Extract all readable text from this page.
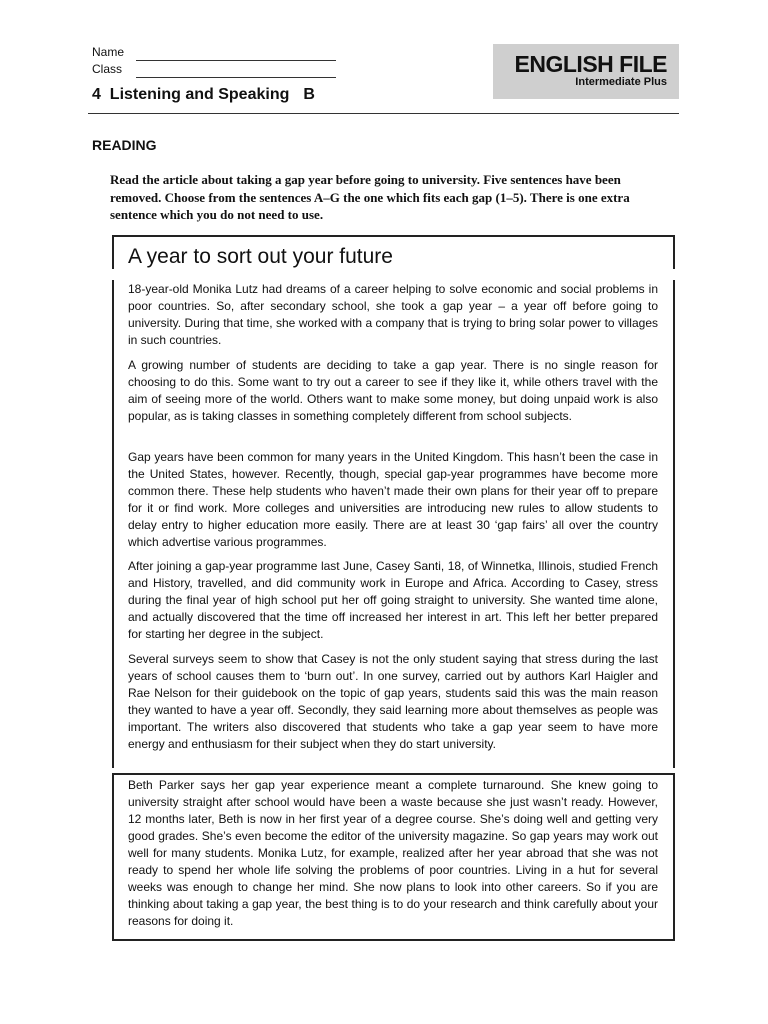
Name
Class
4  Listening and Speaking B
ENGLISH FILE
Intermediate Plus
READING
Read the article about taking a gap year before going to university. Five sentences have been removed. Choose from the sentences A–G the one which fits each gap (1–5). There is one extra sentence which you do not need to use.
A year to sort out your future

18-year-old Monika Lutz had dreams of a career helping to solve economic and social problems in poor countries. So, after secondary school, she took a gap year – a year off before going to university. During that time, she worked with a company that is trying to bring solar power to villages in such countries.

A growing number of students are deciding to take a gap year. There is no single reason for choosing to do this. Some want to try out a career to see if they like it, while others travel with the aim of seeing more of the world. Others want to make some money, but doing unpaid work is also popular, as is taking classes in something completely different from school subjects.

Gap years have been common for many years in the United Kingdom. This hasn’t been the case in the United States, however. Recently, though, special gap-year programmes have become more common there. These help students who haven’t made their own plans for their year off to prepare for it or find work. More colleges and universities are introducing new rules to allow students to delay entry to higher education more easily. There are at least 30 ‘gap fairs’ all over the country which advertise various programmes.

After joining a gap-year programme last June, Casey Santi, 18, of Winnetka, Illinois, studied French and History, travelled, and did community work in Europe and Africa. According to Casey, stress during the final year of high school put her off going straight to university. She wanted time alone, and actually discovered that the time off increased her interest in art. This left her better prepared for starting her degree in the subject.

Several surveys seem to show that Casey is not the only student saying that stress during the last years of school causes them to ‘burn out’. In one survey, carried out by authors Karl Haigler and Rae Nelson for their guidebook on the topic of gap years, students said this was the main reason they wanted to have a year off. Secondly, they said learning more about themselves as people was important. The writers also discovered that students who take a gap year seem to have more energy and enthusiasm for their subject when they do start university.

Beth Parker says her gap year experience meant a complete turnaround. She knew going to university straight after school would have been a waste because she just wasn’t ready. However, 12 months later, Beth is now in her first year of a degree course. She’s doing well and getting very good grades. She’s even become the editor of the university magazine. So gap years may work out well for many students. Monika Lutz, for example, realized after her year abroad that she was not ready to spend her whole life solving the problems of poor countries. Living in a hut for several weeks was enough to change her mind. She now plans to look into other careers. So if you are thinking about taking a gap year, the best thing is to do your research and think carefully about your reasons for doing it.
